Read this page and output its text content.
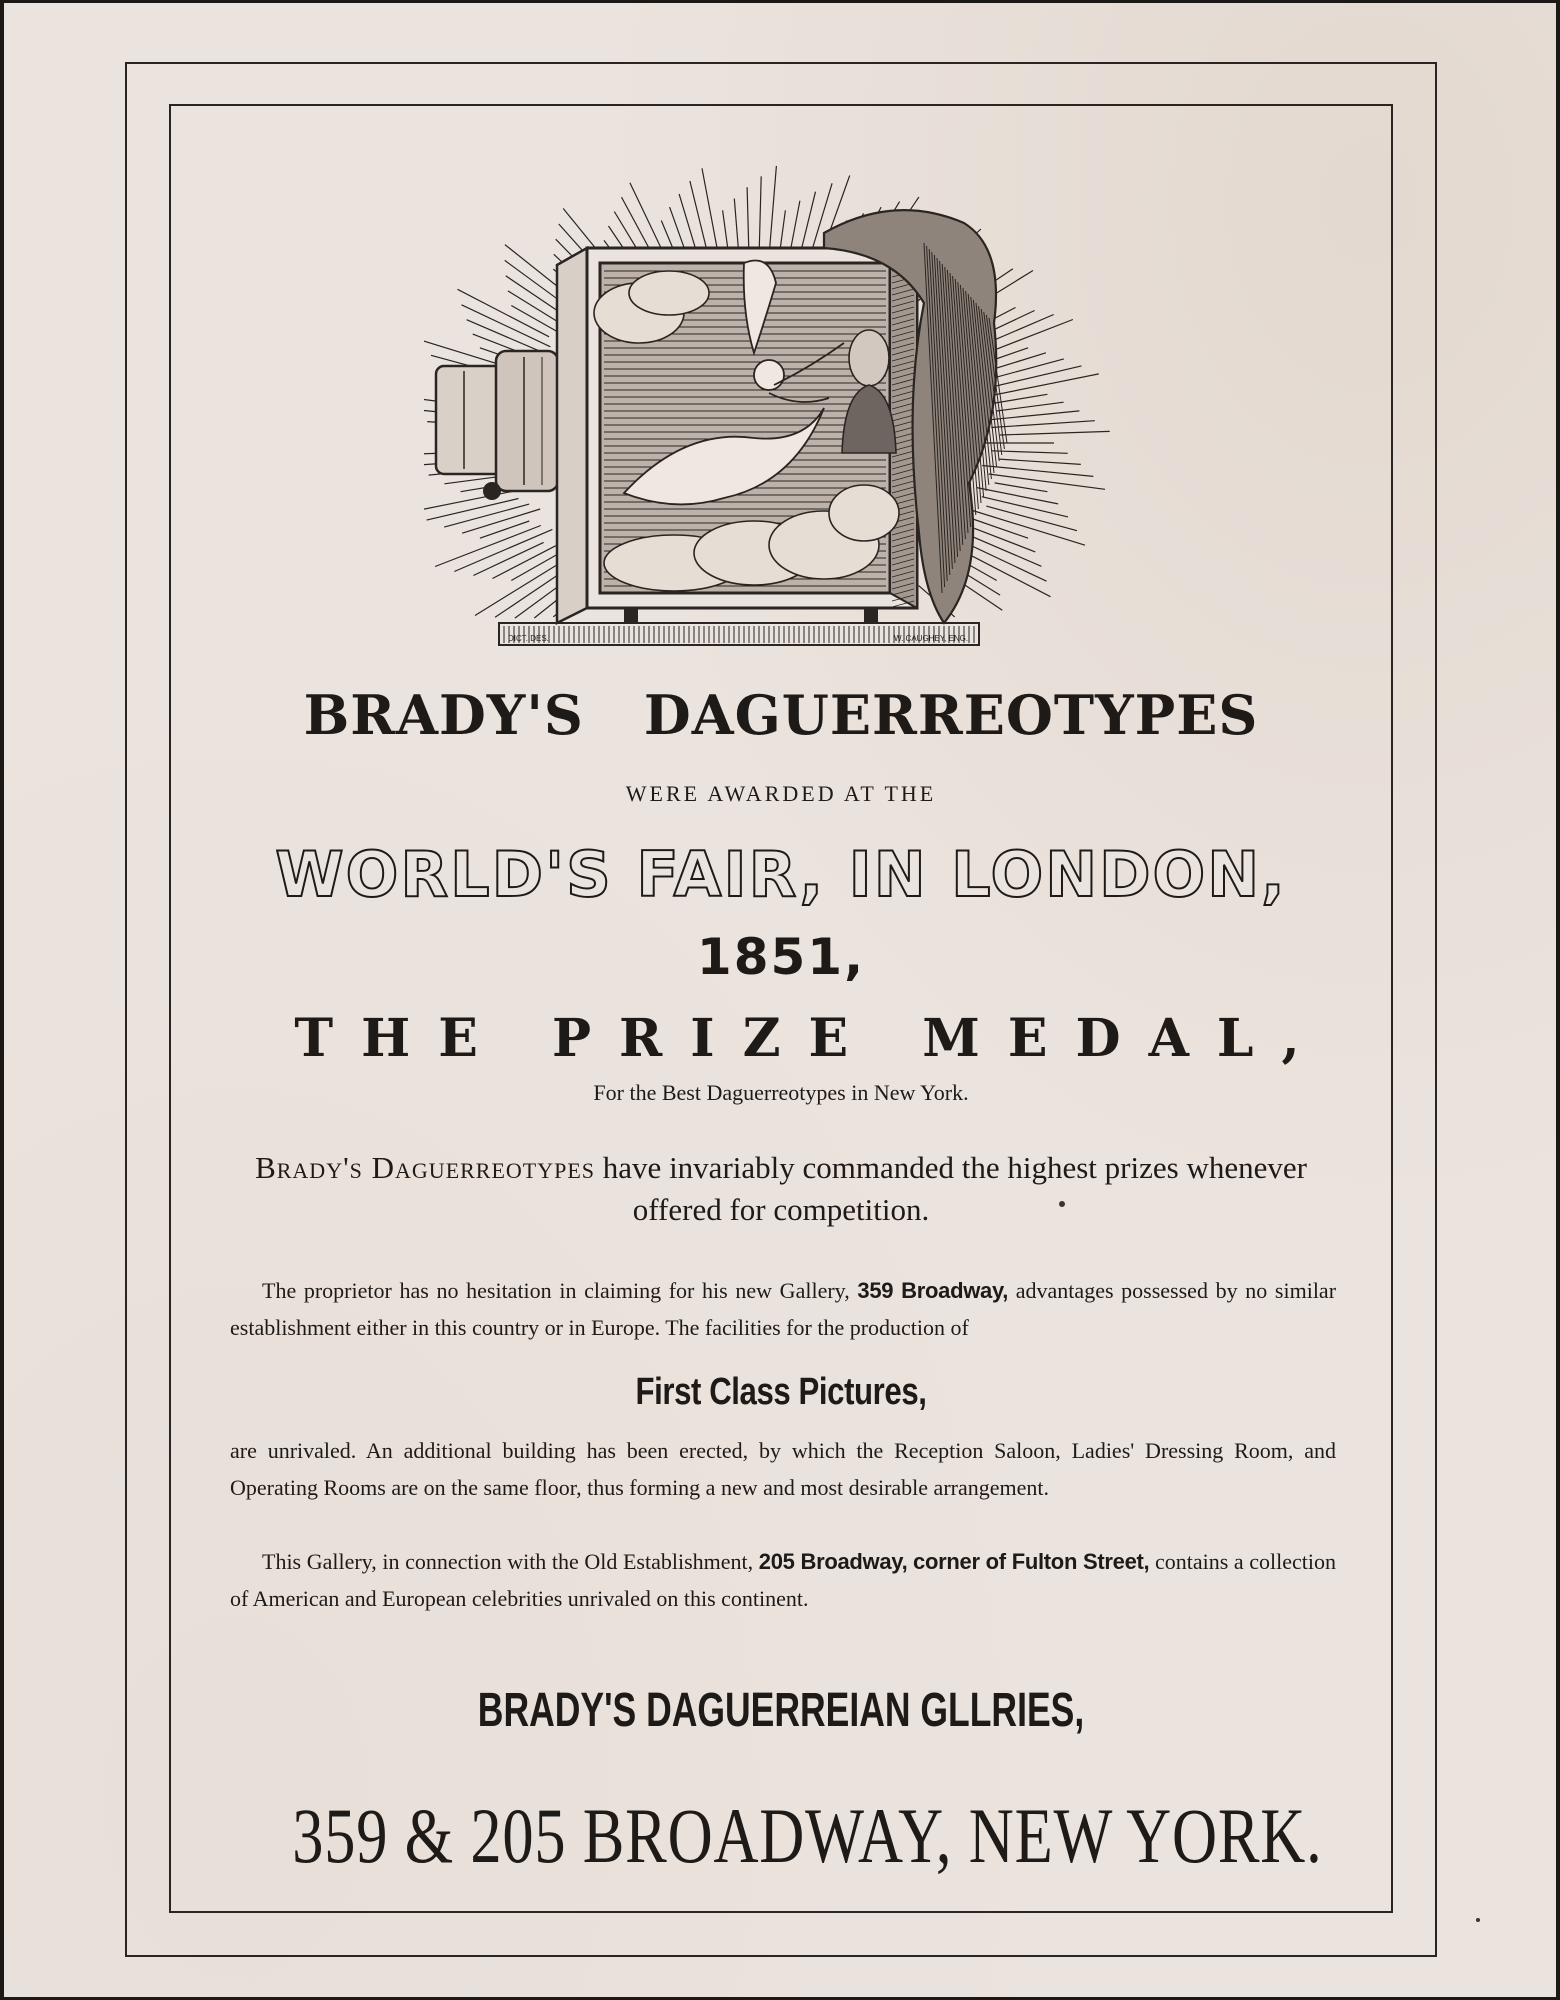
DICT. DES.	W. CAUGHEY, ENG.
BRADY'S DAGUERREOTYPES
WERE AWARDED AT THE
WORLD'S FAIR, IN LONDON,
1851,
THE PRIZE MEDAL,
For the Best Daguerreotypes in New York.
Brady's Daguerreotypes have invariably commanded the highest prizes whenever offered for competition.

The proprietor has no hesitation in claiming for his new Gallery, 359 Broadway, advantages possessed by no similar establishment either in this country or in Europe. The facilities for the production of

First Class Pictures,

are unrivaled. An additional building has been erected, by which the Reception Saloon, Ladies' Dressing Room, and Operating Rooms are on the same floor, thus forming a new and most desirable arrangement.

This Gallery, in connection with the Old Establishment, 205 Broadway, corner of Fulton Street, contains a collection of American and European celebrities unrivaled on this continent.

BRADY'S DAGUERREIAN GLLRIES,
359 & 205 BROADWAY, NEW YORK.
